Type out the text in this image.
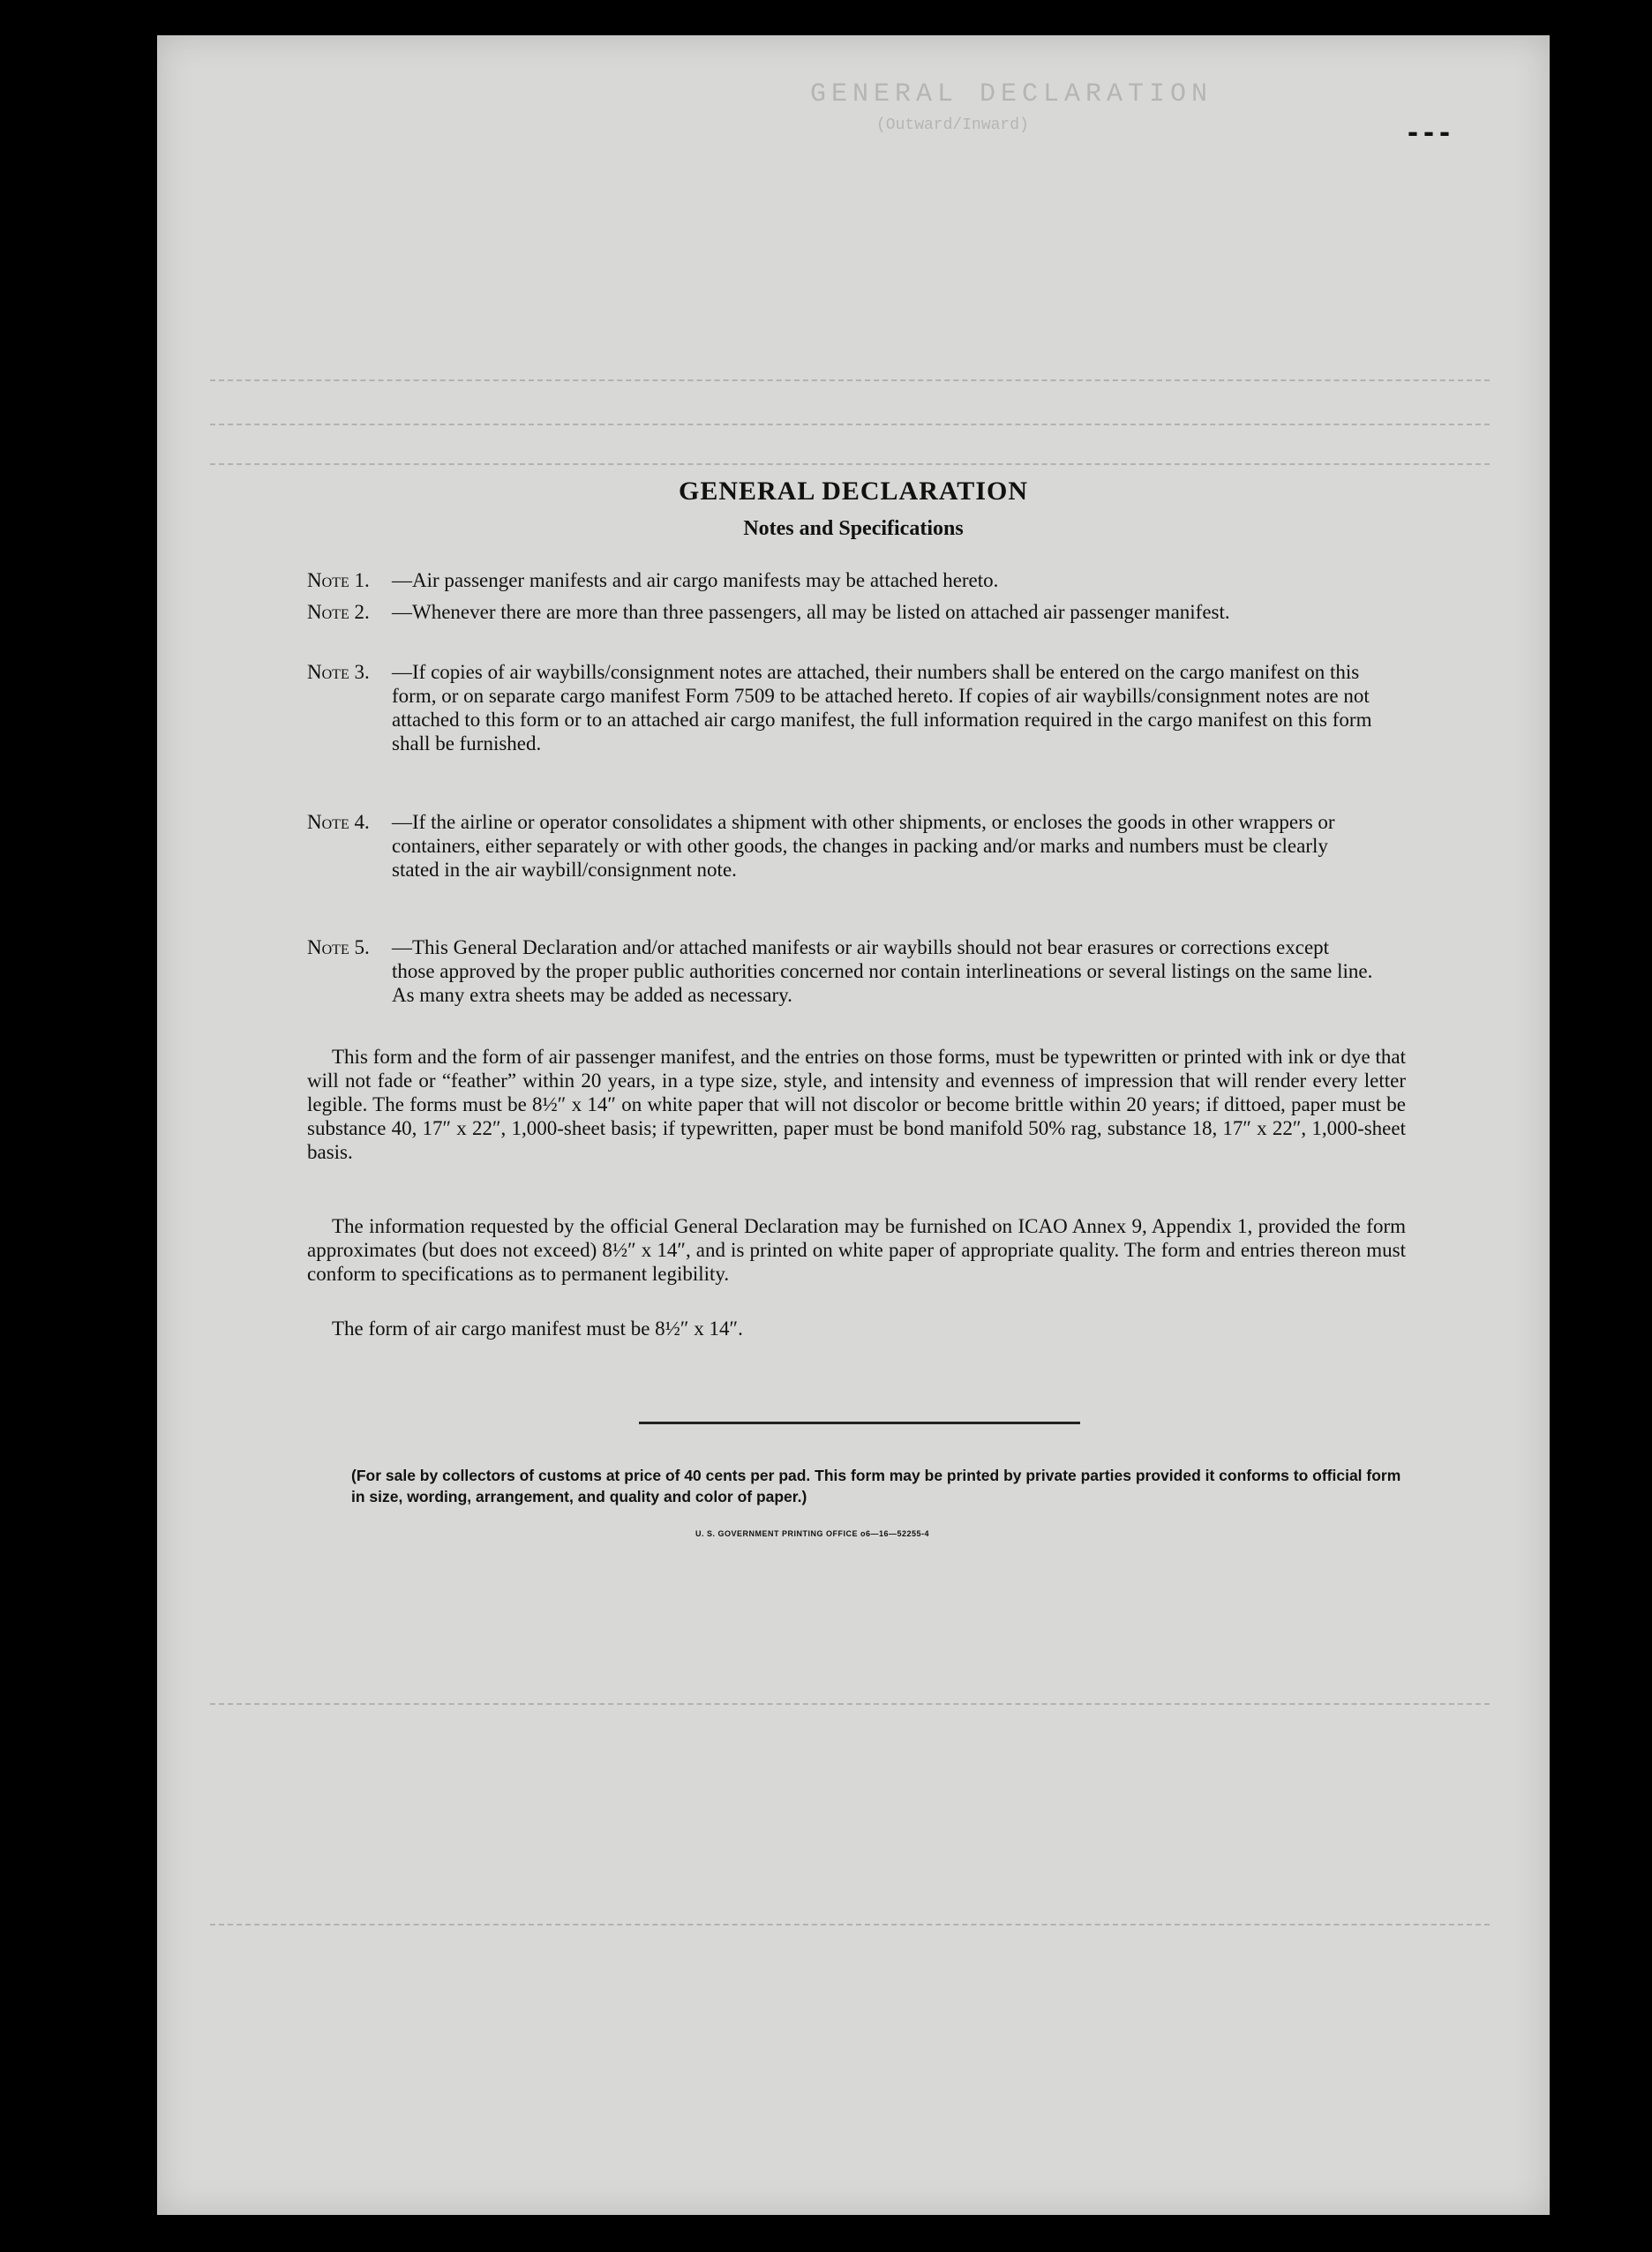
GENERAL DECLARATION
(Outward/Inward)	- - -
GENERAL DECLARATION
Notes and Specifications
Note 1. —Air passenger manifests and air cargo manifests may be attached hereto.
Note 2.	—Whenever there are more than three passengers, all may be listed on attached air passenger manifest.
Note 3.	—If copies of air waybills/consignment notes are attached, their numbers shall be entered on the cargo manifest on this form, or on separate cargo manifest Form 7509 to be attached hereto. If copies of air waybills/consignment notes are not attached to this form or to an attached air cargo manifest, the full information required in the cargo manifest on this form shall be furnished.
Note 4.	—If the airline or operator consolidates a shipment with other shipments, or encloses the goods in other wrappers or containers, either separately or with other goods, the changes in packing and/or marks and numbers must be clearly stated in the air waybill/consignment note.
Note 5.	—This General Declaration and/or attached manifests or air waybills should not bear erasures or corrections except those approved by the proper public authorities concerned nor contain interlineations or several listings on the same line. As many extra sheets may be added as necessary.
This form and the form of air passenger manifest, and the entries on those forms, must be typewritten or printed with ink or dye that will not fade or “feather” within 20 years, in a type size, style, and intensity and evenness of impression that will render every letter legible. The forms must be 8½″ x 14″ on white paper that will not discolor or become brittle within 20 years; if dittoed, paper must be substance 40, 17″ x 22″, 1,000-sheet basis; if typewritten, paper must be bond manifold 50% rag, substance 18, 17″ x 22″, 1,000-sheet basis.
The information requested by the official General Declaration may be furnished on ICAO Annex 9, Appendix 1, provided the form approximates (but does not exceed) 8½″ x 14″, and is printed on white paper of appropriate quality. The form and entries thereon must conform to specifications as to permanent legibility.
The form of air cargo manifest must be 8½″ x 14″.
(For sale by collectors of customs at price of 40 cents per pad. This form may be printed by private parties provided it conforms to official form in size, wording, arrangement, and quality and color of paper.)
U. S. GOVERNMENT PRINTING OFFICE o6—16—52255-4
